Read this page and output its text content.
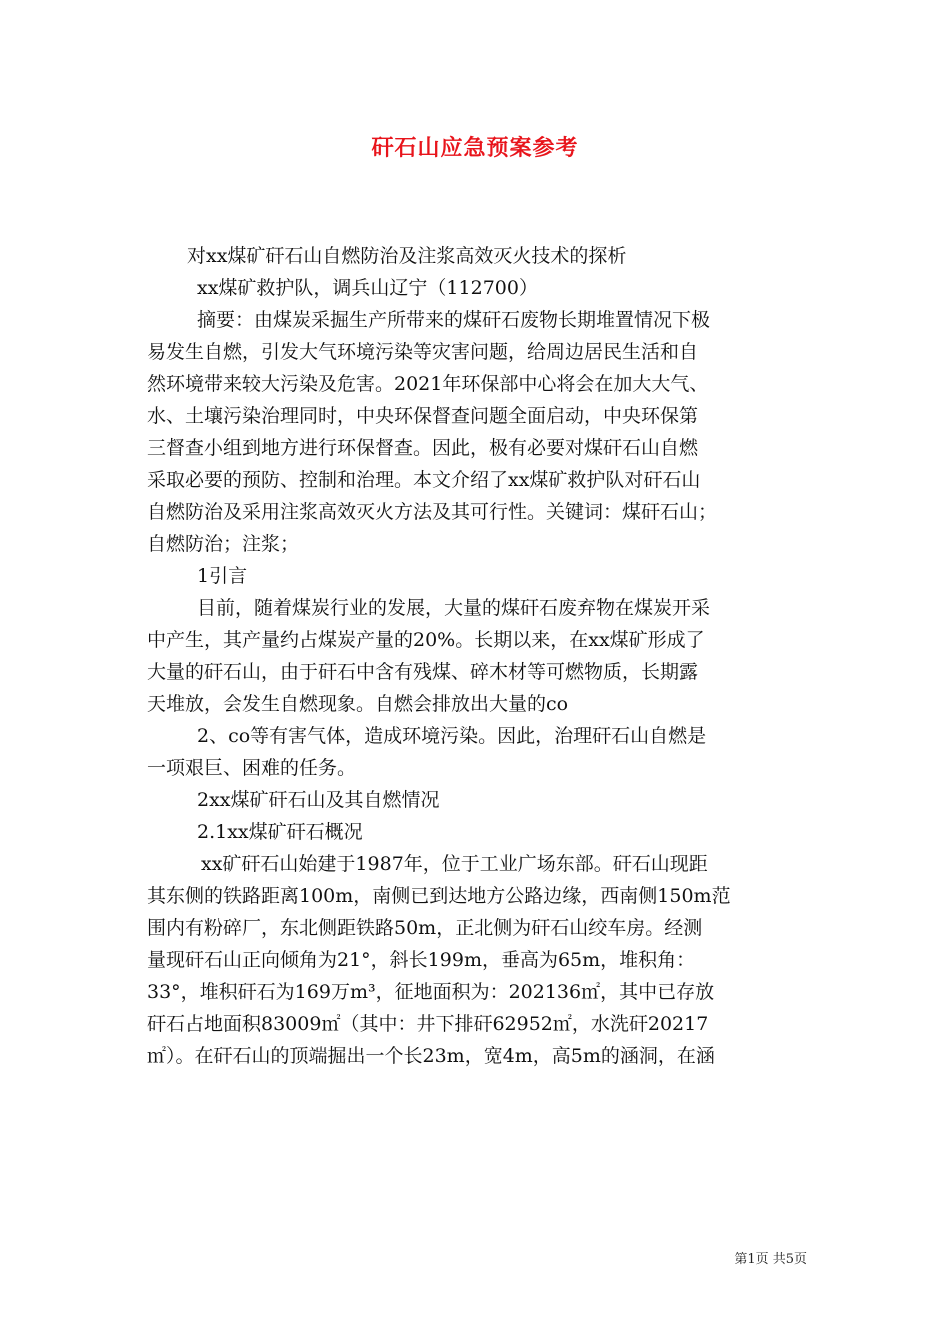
矸石山应急预案参考
对xx煤矿矸石山自燃防治及注浆高效灭火技术的探析
xx煤矿救护队，调兵山辽宁（112700）
摘要：由煤炭采掘生产所带来的煤矸石废物长期堆置情况下极
易发生自燃，引发大气环境污染等灾害问题，给周边居民生活和自
然环境带来较大污染及危害。2021年环保部中心将会在加大大气、
水、土壤污染治理同时，中央环保督查问题全面启动，中央环保第
三督查小组到地方进行环保督查。因此，极有必要对煤矸石山自燃
采取必要的预防、控制和治理。本文介绍了xx煤矿救护队对矸石山
自燃防治及采用注浆高效灭火方法及其可行性。关键词：煤矸石山；
自燃防治；注浆；
1引言
目前，随着煤炭行业的发展，大量的煤矸石废弃物在煤炭开采
中产生，其产量约占煤炭产量的20%。长期以来，在xx煤矿形成了
大量的矸石山，由于矸石中含有残煤、碎木材等可燃物质，长期露
天堆放，会发生自燃现象。自燃会排放出大量的co
2、co等有害气体，造成环境污染。因此，治理矸石山自燃是
一项艰巨、困难的任务。
2xx煤矿矸石山及其自燃情况
2.1xx煤矿矸石概况
xx矿矸石山始建于1987年，位于工业广场东部。矸石山现距
其东侧的铁路距离100m，南侧已到达地方公路边缘，西南侧150m范
围内有粉碎厂，东北侧距铁路50m，正北侧为矸石山绞车房。经测
量现矸石山正向倾角为21°，斜长199m，垂高为65m，堆积角：
33°，堆积矸石为169万m³，征地面积为：202136㎡，其中已存放
矸石占地面积83009㎡（其中：井下排矸62952㎡，水洗矸20217
㎡）。在矸石山的顶端掘出一个长23m，宽4m，高5m的涵洞，在涵
第1页 共5页
